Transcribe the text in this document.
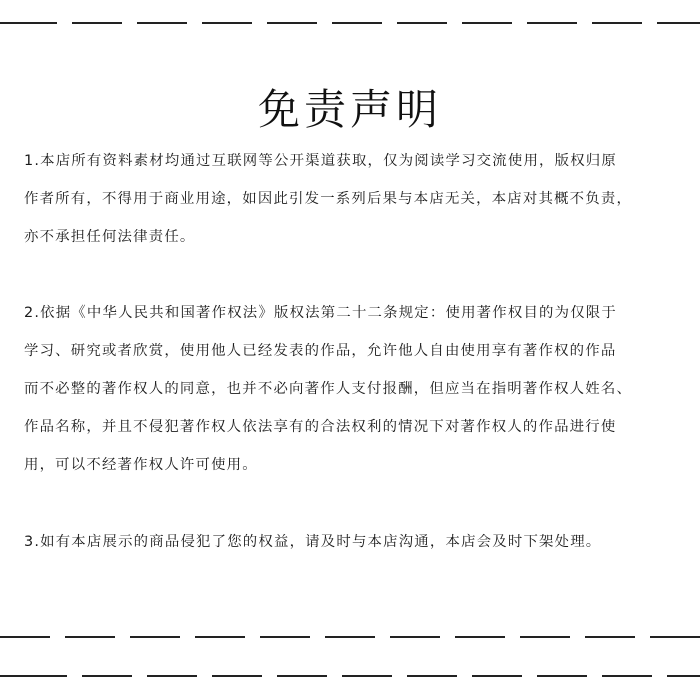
免责声明
1.本店所有资料素材均通过互联网等公开渠道获取，仅为阅读学习交流使用，版权归原
作者所有，不得用于商业用途，如因此引发一系列后果与本店无关，本店对其概不负责，
亦不承担任何法律责任。
2.依据《中华人民共和国著作权法》版权法第二十二条规定：使用著作权目的为仅限于
学习、研究或者欣赏，使用他人已经发表的作品，允许他人自由使用享有著作权的作品
而不必整的著作权人的同意，也并不必向著作人支付报酬，但应当在指明著作权人姓名、
作品名称，并且不侵犯著作权人依法享有的合法权利的情况下对著作权人的作品进行使
用，可以不经著作权人许可使用。
3.如有本店展示的商品侵犯了您的权益，请及时与本店沟通，本店会及时下架处理。
